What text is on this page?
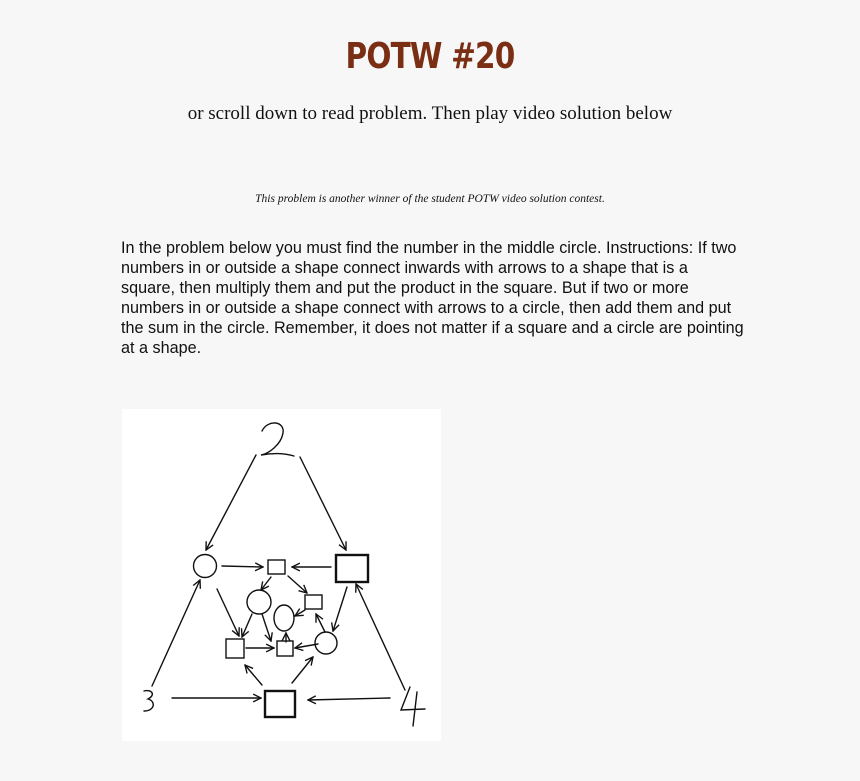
POTW #20
or scroll down to read problem. Then play video solution below
This problem is another winner of the student POTW video solution contest.
In the problem below you must find the number in the middle circle. Instructions: If two numbers in or outside a shape connect inwards with arrows to a shape that is a square, then multiply them and put the product in the square. But if two or more numbers in or outside a shape connect with arrows to a circle, then add them and put the sum in the circle. Remember, it does not matter if a square and a circle are pointing at a shape.
2
3
4
